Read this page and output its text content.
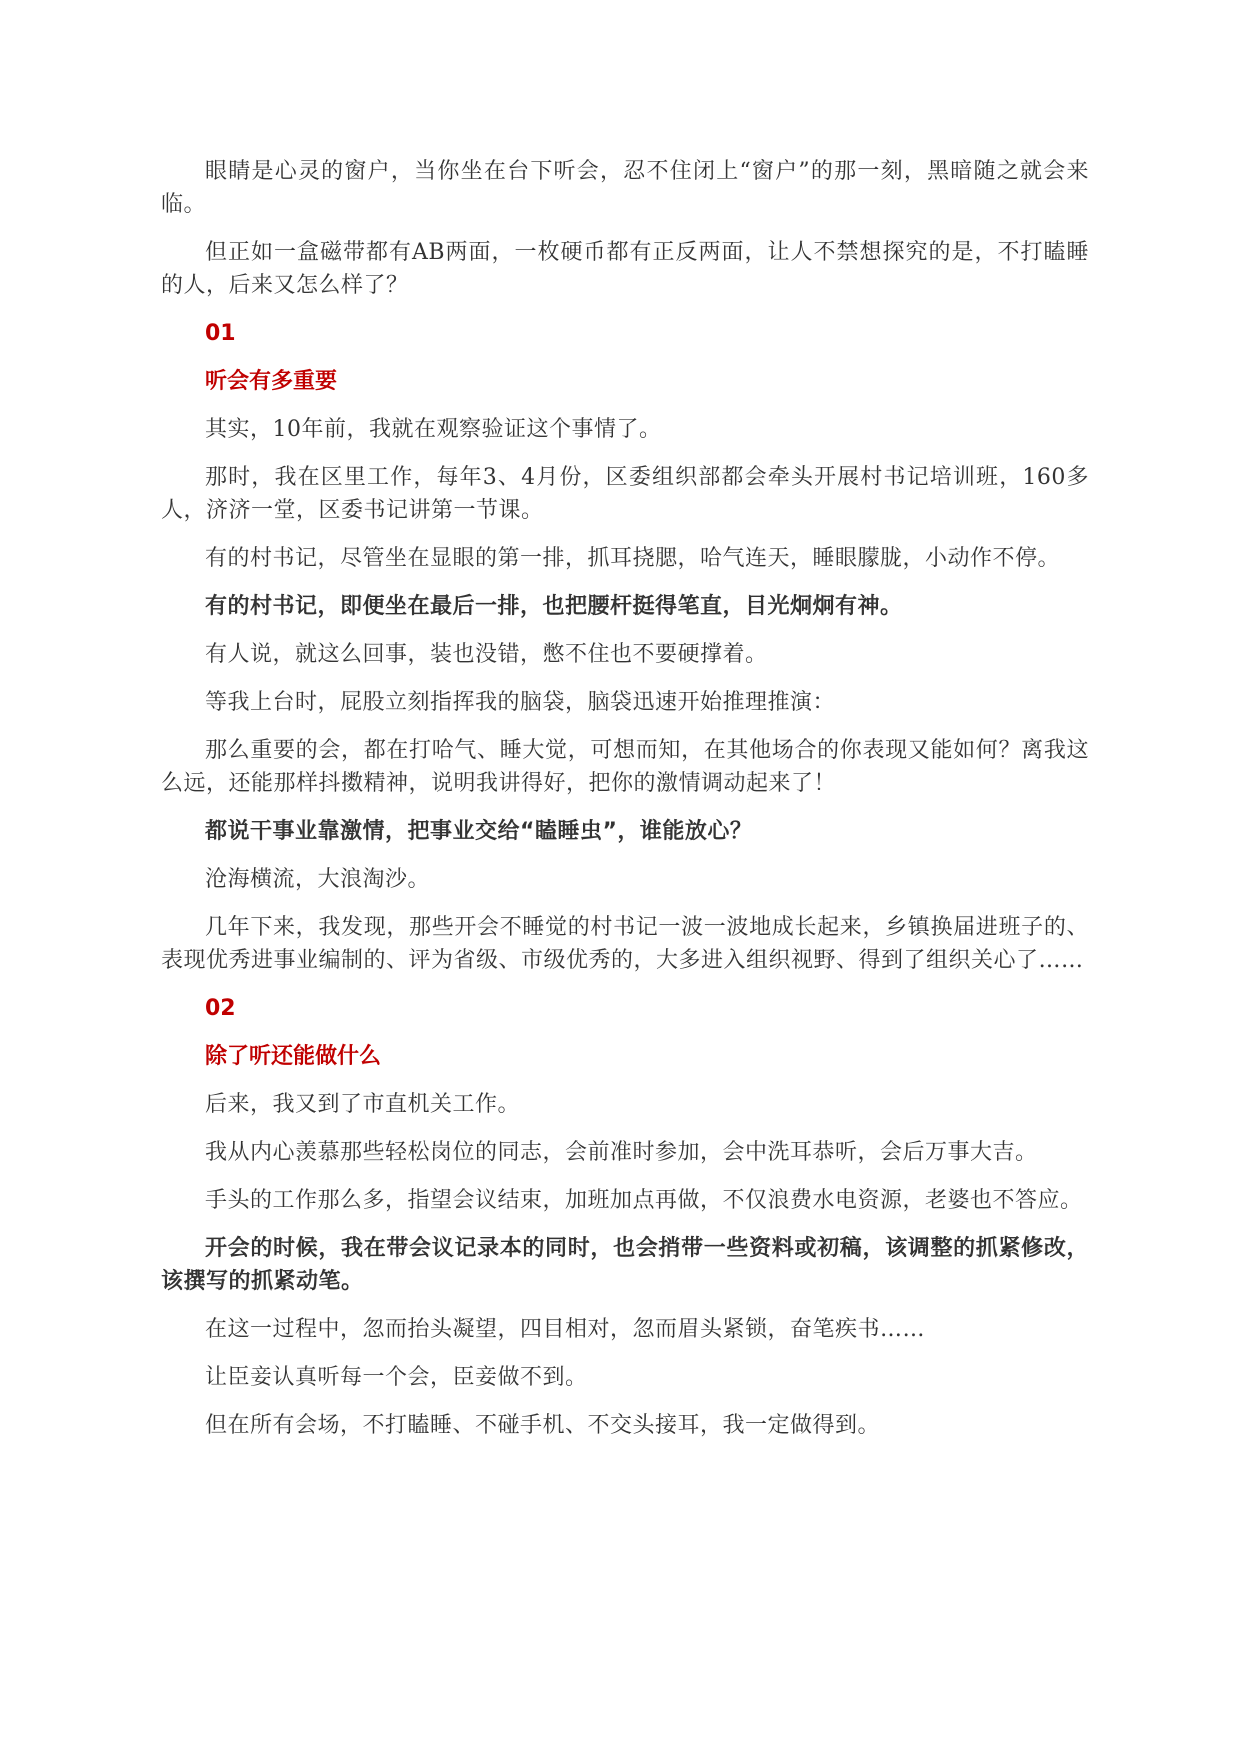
眼睛是心灵的窗户，当你坐在台下听会，忍不住闭上“窗户”的那一刻，黑暗随之就会来临。

但正如一盒磁带都有AB两面，一枚硬币都有正反两面，让人不禁想探究的是，不打瞌睡的人，后来又怎么样了？

01

听会有多重要

其实，10年前，我就在观察验证这个事情了。

那时，我在区里工作，每年3、4月份，区委组织部都会牵头开展村书记培训班，160多人，济济一堂，区委书记讲第一节课。

有的村书记，尽管坐在显眼的第一排，抓耳挠腮，哈气连天，睡眼朦胧，小动作不停。

有的村书记，即便坐在最后一排，也把腰杆挺得笔直，目光炯炯有神。

有人说，就这么回事，装也没错，憋不住也不要硬撑着。

等我上台时，屁股立刻指挥我的脑袋，脑袋迅速开始推理推演：

那么重要的会，都在打哈气、睡大觉，可想而知，在其他场合的你表现又能如何？离我这么远，还能那样抖擞精神，说明我讲得好，把你的激情调动起来了！

都说干事业靠激情，把事业交给“瞌睡虫”，谁能放心？

沧海横流，大浪淘沙。

几年下来，我发现，那些开会不睡觉的村书记一波一波地成长起来，乡镇换届进班子的、表现优秀进事业编制的、评为省级、市级优秀的，大多进入组织视野、得到了组织关心了……

02

除了听还能做什么

后来，我又到了市直机关工作。

我从内心羡慕那些轻松岗位的同志，会前准时参加，会中洗耳恭听，会后万事大吉。

手头的工作那么多，指望会议结束，加班加点再做，不仅浪费水电资源，老婆也不答应。

开会的时候，我在带会议记录本的同时，也会捎带一些资料或初稿，该调整的抓紧修改，该撰写的抓紧动笔。

在这一过程中，忽而抬头凝望，四目相对，忽而眉头紧锁，奋笔疾书……

让臣妾认真听每一个会，臣妾做不到。

但在所有会场，不打瞌睡、不碰手机、不交头接耳，我一定做得到。
